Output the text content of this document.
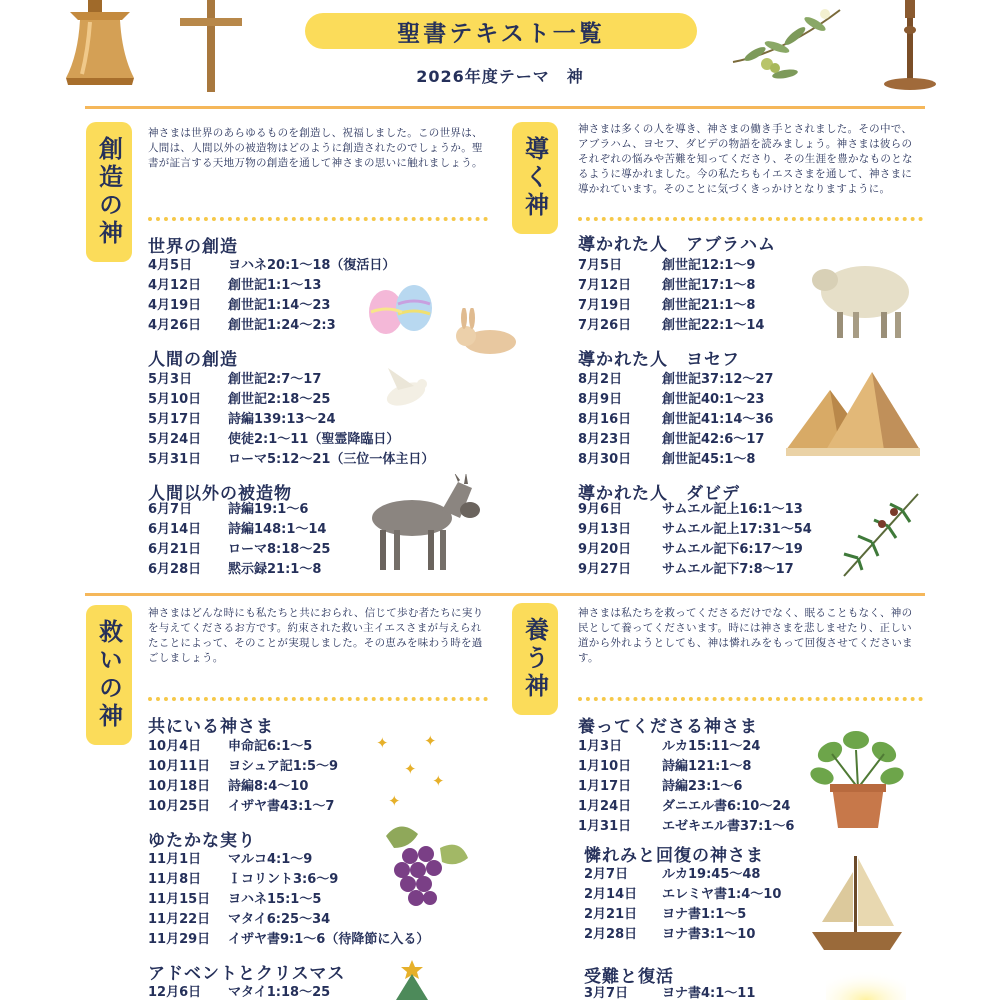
聖書テキスト一覧
2026年度テーマ　神
創造の神
神さまは世界のあらゆるものを創造し、祝福しました。この世界は、人間は、人間以外の被造物はどのように創造されたのでしょうか。聖書が証言する天地万物の創造を通して神さまの思いに触れましょう。
世界の創造
4月5日	ヨハネ20:1～18（復活日）
4月12日 創世記1:1～13
4月19日 創世記1:14～23
4月26日 創世記1:24～2:3
人間の創造
5月3日	創世記2:7～17
5月10日 創世記2:18～25
5月17日 詩編139:13～24
5月24日 使徒2:1～11（聖霊降臨日）
5月31日 ローマ5:12～21（三位一体主日）
人間以外の被造物
6月7日	詩編19:1～6
6月14日 詩編148:1～14
6月21日 ローマ8:18～25
6月28日 黙示録21:1～8
導く神
神さまは多くの人を導き、神さまの働き手とされました。その中で、アブラハム、ヨセフ、ダビデの物語を読みましょう。神さまは彼らのそれぞれの悩みや苦難を知ってくださり、その生涯を豊かなものとなるように導かれました。今の私たちもイエスさまを通して、神さまに導かれています。そのことに気づくきっかけとなりますように。
導かれた人　アブラハム
7月5日	創世記12:1～9
7月12日 創世記17:1～8
7月19日 創世記21:1～8
7月26日 創世記22:1～14
導かれた人　ヨセフ
8月2日	創世記37:12～27
8月9日	創世記40:1～23
8月16日 創世記41:14～36
8月23日 創世記42:6～17
8月30日 創世記45:1～8
導かれた人　ダビデ
9月6日	サムエル記上16:1～13
9月13日 サムエル記上17:31～54
9月20日 サムエル記下6:17～19
9月27日 サムエル記下7:8～17
救いの神
神さまはどんな時にも私たちと共におられ、信じて歩む者たちに実りを与えてくださるお方です。約束された救い主イエスさまが与えられたことによって、そのことが実現しました。その恵みを味わう時を過ごしましょう。
共にいる神さま
10月4日 申命記6:1～5
10月11日 ヨシュア記1:5～9
10月18日 詩編8:4～10
10月25日 イザヤ書43:1～7
ゆたかな実り
11月1日 マルコ4:1～9
11月8日 Ｉコリント3:6～9
11月15日 ヨハネ15:1～5
11月22日 マタイ6:25～34
11月29日 イザヤ書9:1～6（待降節に入る）
アドベントとクリスマス
12月6日 マタイ1:18～25
✦ ✦
✦
✦
✦
養う神
神さまは私たちを救ってくださるだけでなく、眠ることもなく、神の民として養ってくださいます。時には神さまを悲しませたり、正しい道から外れようとしても、神は憐れみをもって回復させてくださいます。
養ってくださる神さま
1月3日	ルカ15:11～24
1月10日 詩編121:1～8
1月17日 詩編23:1～6
1月24日 ダニエル書6:10～24
1月31日 エゼキエル書37:1～6
憐れみと回復の神さま
2月7日	ルカ19:45～48
2月14日 エレミヤ書1:4～10
2月21日 ヨナ書1:1～5
2月28日 ヨナ書3:1～10
受難と復活
3月7日	ヨナ書4:1～11
